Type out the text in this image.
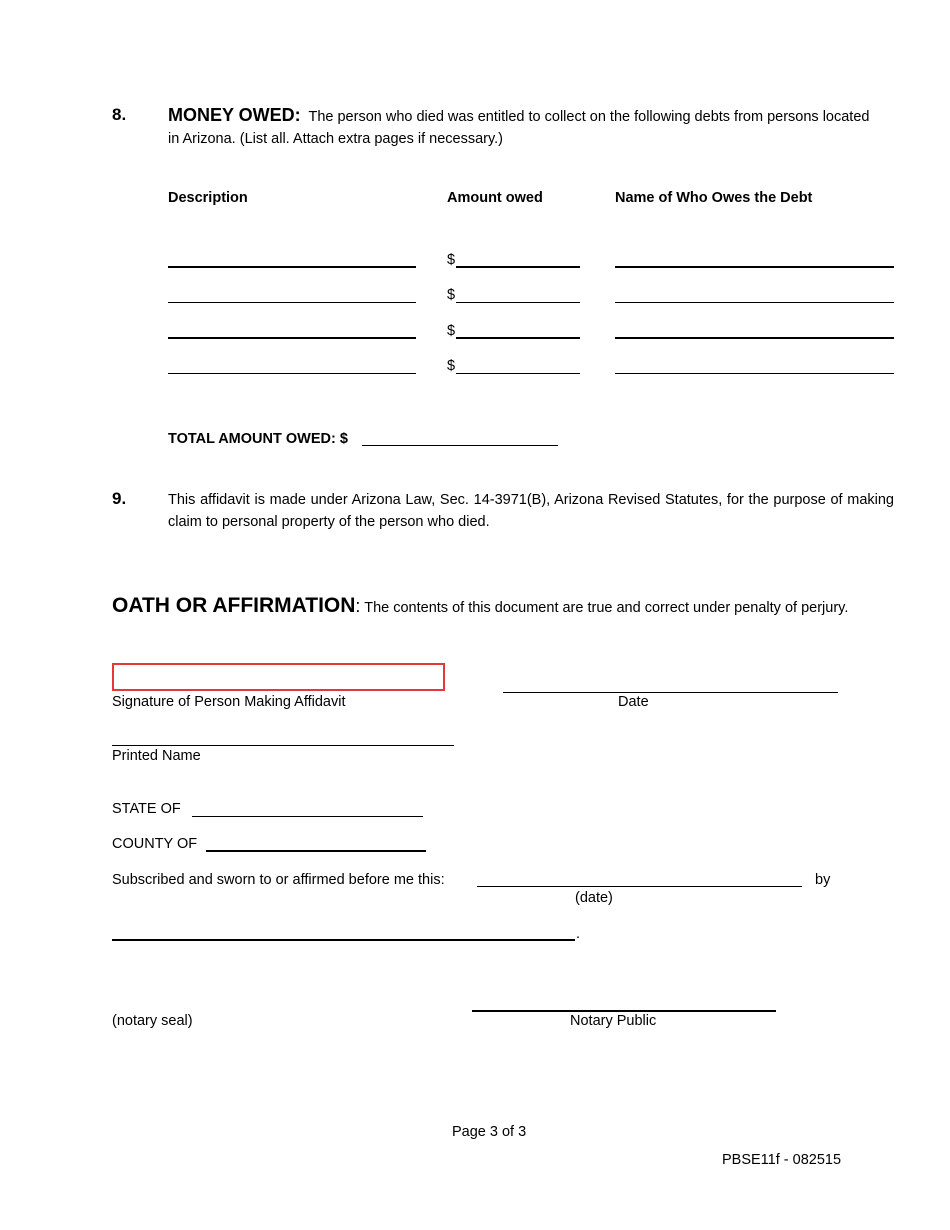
8. MONEY OWED: The person who died was entitled to collect on the following debts from persons located
in Arizona. (List all. Attach extra pages if necessary.)
Description	Amount owed	Name of Who Owes the Debt
$
$
$
$
TOTAL AMOUNT OWED: $
9.	This affidavit is made under Arizona Law, Sec. 14-3971(B), Arizona Revised Statutes, for the purpose of making claim to personal property of the person who died.
OATH OR AFFIRMATION: The contents of this document are true and correct under penalty of perjury.
Signature of Person Making Affidavit	Date
Printed Name
STATE OF
COUNTY OF
Subscribed and sworn to or affirmed before me this:	by
(date)
.
(notary seal)	Notary Public
Page 3 of 3
PBSE11f - 082515
